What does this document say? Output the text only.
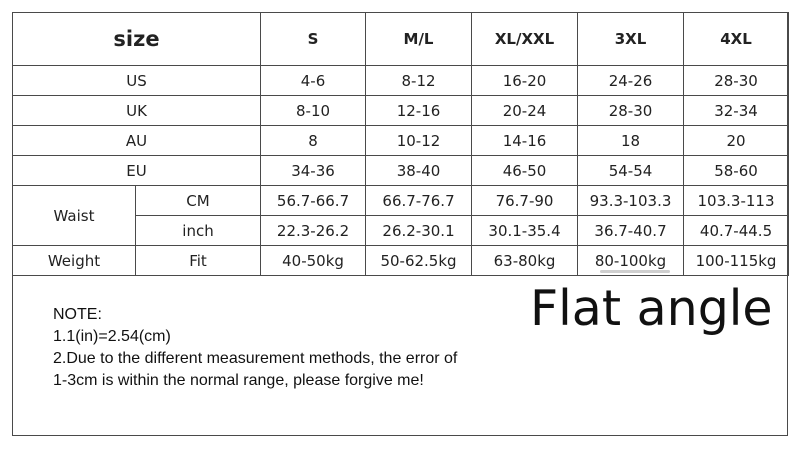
size		S	M/L	XL/XXL	3XL	4XL
US		4-6	8-12	16-20	24-26	28-30
UK		8-10	12-16	20-24	28-30	32-34
AU		8	10-12	14-16	18	20
EU		34-36	38-40	46-50	54-54	58-60
Waist	CM	56.7-66.7	66.7-76.7	76.7-90	93.3-103.3	103.3-113
	inch	22.3-26.2	26.2-30.1	30.1-35.4	36.7-40.7	40.7-44.5
Weight	Fit	40-50kg	50-62.5kg	63-80kg	80-100kg	100-115kg
NOTE:
1.1(in)=2.54(cm)
2.Due to the different measurement methods, the error of
1-3cm is within the normal range, please forgive me!
Flat angle
